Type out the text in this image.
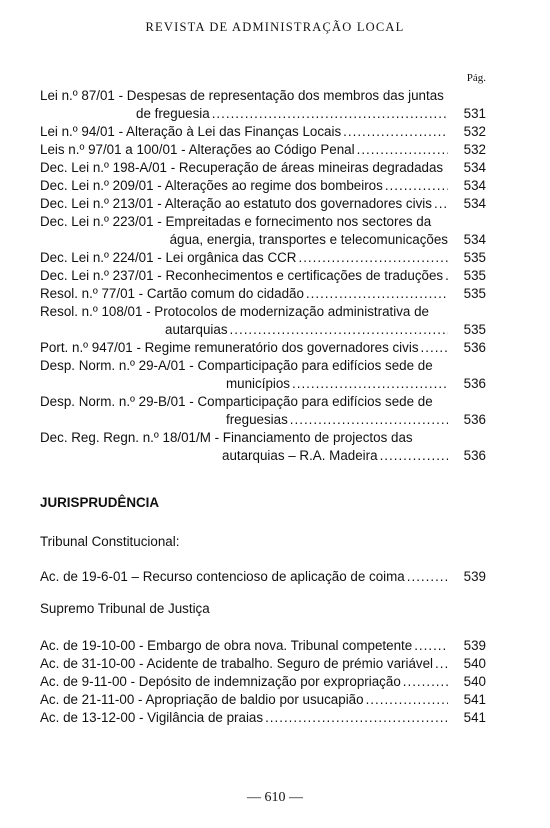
REVISTA DE ADMINISTRAÇÃO LOCAL
Pág.
Lei n.º 87/01 - Despesas de representação dos membros das juntas
de freguesia .....	531
Lei n.º 94/01 - Alteração à Lei das Finanças Locais .....	532
Leis n.º 97/01 a 100/01 - Alterações ao Código Penal .....	532
Dec. Lei n.º 198-A/01 - Recuperação de áreas mineiras degradadas	534
Dec. Lei n.º 209/01 - Alterações ao regime dos bombeiros .....	534
Dec. Lei n.º 213/01 - Alteração ao estatuto dos governadores civis .....	534
Dec. Lei n.º 223/01 - Empreitadas e fornecimento nos sectores da
água, energia, transportes e telecomunicações	534
Dec. Lei n.º 224/01 - Lei orgânica das CCR .....	535
Dec. Lei n.º 237/01 - Reconhecimentos e certificações de traduções .....	535
Resol. n.º 77/01 - Cartão comum do cidadão .....	535
Resol. n.º 108/01 - Protocolos de modernização administrativa de
autarquias .....	535
Port. n.º 947/01 - Regime remuneratório dos governadores civis .....	536
Desp. Norm. n.º 29-A/01 - Comparticipação para edifícios sede de
municípios .....	536
Desp. Norm. n.º 29-B/01 - Comparticipação para edifícios sede de
freguesias .....	536
Dec. Reg. Regn. n.º 18/01/M - Financiamento de projectos das
autarquias – R.A. Madeira .....	536
JURISPRUDÊNCIA
Tribunal Constitucional:
Ac. de 19-6-01 – Recurso contencioso de aplicação de coima .....	539
Supremo Tribunal de Justiça
Ac. de 19-10-00 - Embargo de obra nova. Tribunal competente .....	539
Ac. de 31-10-00 - Acidente de trabalho. Seguro de prémio variável .....	540
Ac. de 9-11-00 - Depósito de indemnização por expropriação .....	540
Ac. de 21-11-00 - Apropriação de baldio por usucapião .....	541
Ac. de 13-12-00 - Vigilância de praias .....	541
— 610 —
